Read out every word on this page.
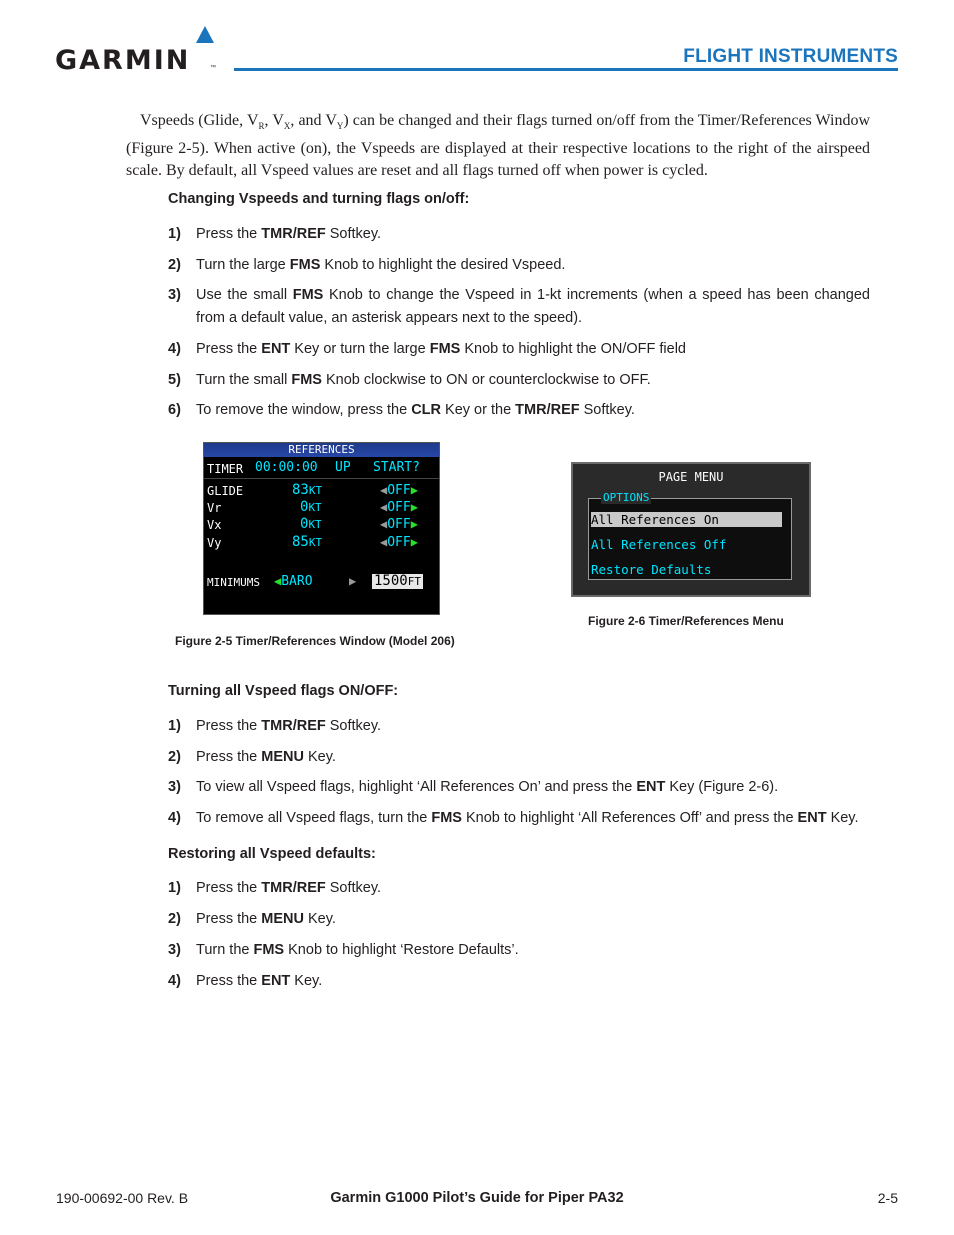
GARMIN	™
FLIGHT INSTRUMENTS
Vspeeds (Glide, $V_R$, $V_X$, and $V_Y$) can be changed and their flags turned on/off from the Timer/References Window (Figure 2-5). When active (on), the Vspeeds are displayed at their respective locations to the right of the airspeed scale. By default, all Vspeed values are reset and all flags turned off when power is cycled.
Changing Vspeeds and turning flags on/off:
1) Press the TMR/REF Softkey.
2) Turn the large FMS Knob to highlight the desired Vspeed.
3) Use the small FMS Knob to change the Vspeed in 1-kt increments (when a speed has been changed from a default value, an asterisk appears next to the speed).
4) Press the ENT Key or turn the large FMS Knob to highlight the ON/OFF field
5) Turn the small FMS Knob clockwise to ON or counterclockwise to OFF.
6) To remove the window, press the CLR Key or the TMR/REF Softkey.
REFERENCES
TIMER 00:00:00 UP START?
GLIDE	83KT	◀OFF▶
Vr	0KT	◀OFF▶
Vx	0KT	◀OFF▶
Vy	85KT	◀OFF▶
MINIMUMS ◀BARO	▶ 1500FT
Figure 2-5 Timer/References Window (Model 206)
PAGE MENU
OPTIONS
All References On
All References Off
Restore Defaults
Figure 2-6 Timer/References Menu
Turning all Vspeed flags ON/OFF:
1) Press the TMR/REF Softkey.
2) Press the MENU Key.
3) To view all Vspeed flags, highlight ‘All References On’ and press the ENT Key (Figure 2-6).
4) To remove all Vspeed flags, turn the FMS Knob to highlight ‘All References Off’ and press the ENT Key.
Restoring all Vspeed defaults:
1) Press the TMR/REF Softkey.
2) Press the MENU Key.
3) Turn the FMS Knob to highlight ‘Restore Defaults’.
4) Press the ENT Key.
190-00692-00 Rev. B	Garmin G1000 Pilot’s Guide for Piper PA32	2-5
